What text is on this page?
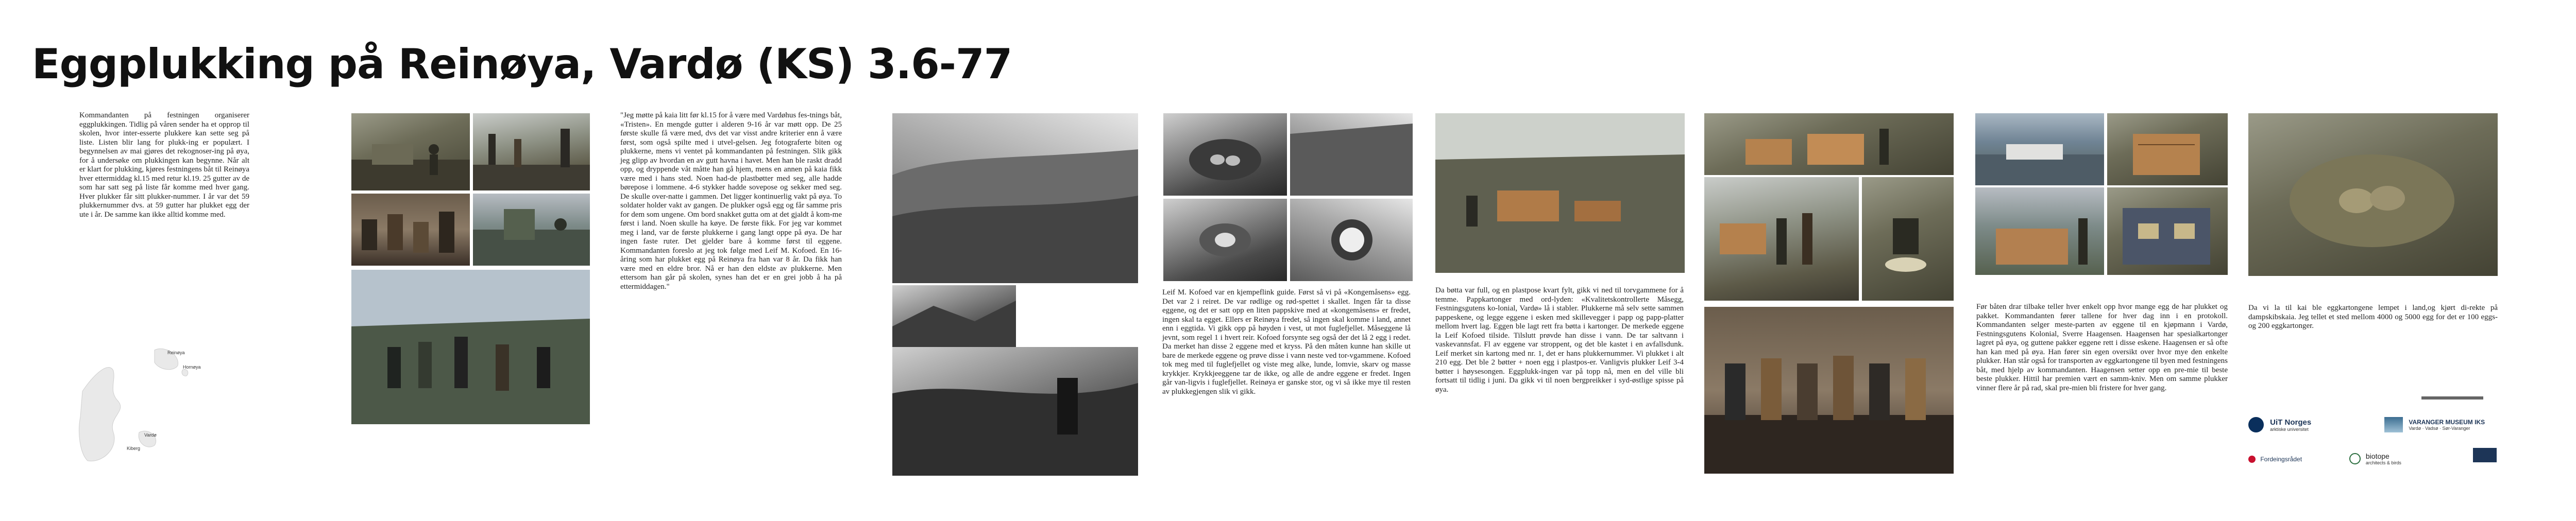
Eggplukking på Reinøya, Vardø (KS) 3.6-77
Kommandanten på festningen organiserer eggplukkingen. Tidlig på våren sender ha et opprop til skolen, hvor inter-esserte plukkere kan sette seg på liste. Listen blir lang for plukk-ing er populært. I begynnelsen av mai gjøres det rekognoser-ing på øya, for å undersøke om plukkingen kan begynne. Når alt er klart for plukking, kjøres festningens båt til Reinøya hver ettermiddag kl.15 med retur kl.19. 25 gutter av de som har satt seg på liste får komme med hver gang. Hver plukker får sitt plukker-nummer. I år var det 59 plukkernummer dvs. at 59 gutter har plukket egg der ute i år. De samme kan ikke alltid komme med.
Reinøya
Hornøya
Vardø
Kiberg
"Jeg møtte på kaia litt før kl.15 for å være med Vardøhus fes-tnings båt, «Tristen». En mengde gutter i alderen 9-16 år var møtt opp. De 25 første skulle få være med, dvs det var visst andre kriterier enn å være først, som også spilte med i utvel-gelsen. Jeg fotograferte biten og plukkerne, mens vi ventet på kommandanten på festningen. Slik gikk jeg glipp av hvordan en av gutt havna i havet. Men han ble raskt dradd opp, og dryppende våt måtte han gå hjem, mens en annen på kaia fikk være med i hans sted. Noen had-de plastbøtter med seg, alle hadde børepose i lommene. 4-6 stykker hadde sovepose og sekker med seg. De skulle over-natte i gammen. Det ligger kontinuerlig vakt på øya. To soldater holder vakt av gangen. De plukker også egg og får samme pris for dem som ungene. Om bord snakket gutta om at det gjaldt å kom-me først i land. Noen skulle ha køyе. De første fikk. For jeg var kommet meg i land, var de første plukkerne i gang langt oppe på øya. De har ingen faste ruter. Det gjelder bare å komme først til eggene. Kommandanten foreslo at jeg tok følge med Leif M. Kofoed. En 16- åring som har plukket egg på Reinøya fra han var 8 år. Da fikk han være med en eldre bror. Nå er han den eldste av plukkerne. Men ettersom han går på skolen, synes han det er en grei jobb å ha på ettermiddagen."
Leif M. Kofoed var en kjempeflink guide. Først så vi på «Kongemåsens» egg. Det var 2 i reiret. De var rødlige og rød-spettet i skallet. Ingen får ta disse eggene, og det er satt opp en liten pappskive med at «kongemåsens» er fredet, ingen skal ta egget. Ellers er Reinøya fredet, så ingen skal komme i land, annet enn i eggtida. Vi gikk opp på høyden i vest, ut mot fuglefjellet. Måseggene lå jevnt, som regel 1 i hvert reir. Kofoed forsynte seg også der det lå 2 egg i redet. Da merket han disse 2 eggene med et kryss. På den måten kunne han skille ut bare de merkede eggene og prøve disse i vann neste ved tor-vgammene. Kofoed tok meg med til fuglefjellet og viste meg alke, lunde, lomvie, skarv og masse krykkjer. Krykkjeeggene tar de ikke, og alle de andre eggene er fredet. Ingen går van-ligvis i fuglefjellet. Reinøya er ganske stor, og vi så ikke mye til resten av plukkegjengen slik vi gikk.
Da bøtta var full, og en plastpose kvart fylt, gikk vi ned til torvgammene for å temme. Pappkartonger med ord-lyden: «Kvalitetskontrollerte Måsegg, Festningsgutens ko-lonial, Vardø» lå i stabler. Plukkerne må selv sette sammen pappeskene, og legge eggene i esken med skillevegger i papp og papp-platter mellom hvert lag. Eggen ble lagt rett fra bøtta i kartonger. De merkede eggene la Leif Kofoed tilside. Tilslutt prøvde han disse i vann. De tar saltvann i vaskevannsfat. Fl av eggene var stroppent, og det ble kastet i en avfallsdunk. Leif merket sin kartong med nr. 1, det er hans plukkernummer. Vi plukket i alt 210 egg. Det ble 2 bøtter + noen egg i plastpos-er. Vanligvis plukker Leif 3-4 bøtter i høysesongen. Eggplukk-ingen var på topp nå, men en del ville bli fortsatt til tidlig i juni. Da gikk vi til noen bergpreikker i syd-østlige spisse på øya.
Før båten drar tilbake teller hver enkelt opp hvor mange egg de har plukket og pakket. Kommandanten fører tallene for hver dag inn i en protokoll. Kommandanten selger meste-parten av eggene til en kjøpmann i Vardø, Festningsgutens Kolonial, Sverre Haagensen. Haagensen har spesialkartonger lagret på øya, og guttene pakker eggene rett i disse eskene. Haagensen er så ofte han kan med på øya. Han fører sin egen oversikt over hvor mye den enkelte plukker. Han står også for transporten av eggkartongene til byen med festningens båt, med hjelp av kommandanten. Haagensen setter opp en pre-mie til beste beste plukker. Hittil har premien vært en samm-kniv. Men om samme plukker vinner flere år på rad, skal pre-mien bli fristere for hver gang.
Da vi la til kai ble eggkartongene lempet i land,og kjørt di-rekte på dampskibskaia. Jeg tellet et sted mellom 4000 og 5000 egg for det er 100 eggs- og 200 eggkartonger.
UiT Norges
arktiske universitet
VARANGER MUSEUM IKS
Vardø · Vadsø · Sør-Varanger
Fordeingsrådet	biotope
architects & birds
